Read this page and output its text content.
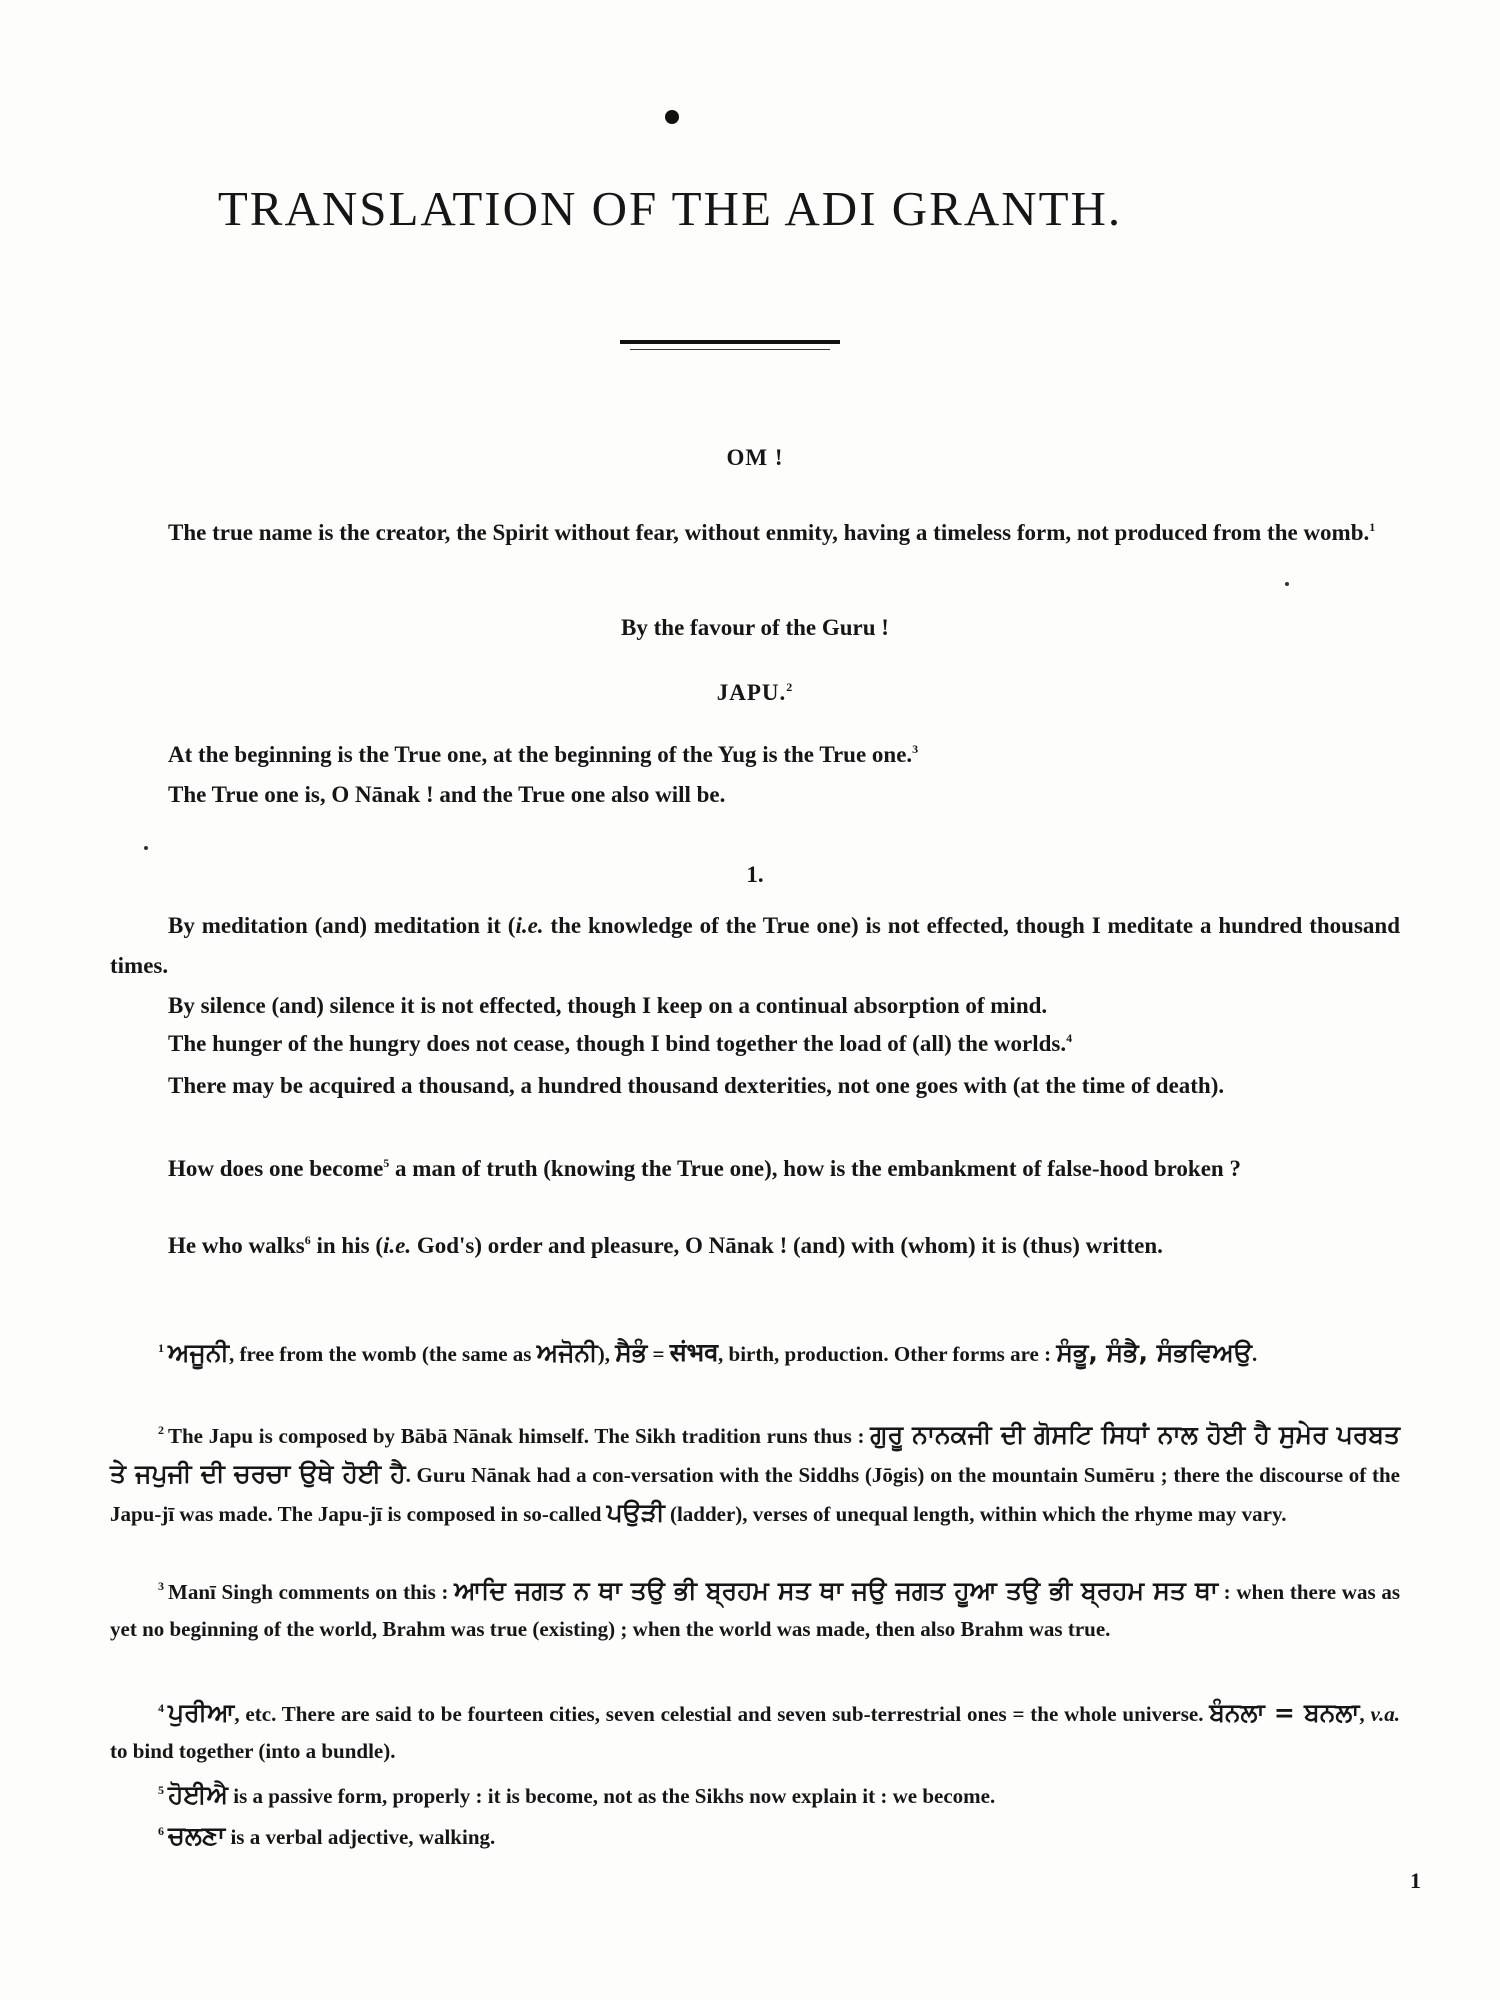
TRANSLATION OF THE ADI GRANTH.
OM !
The true name is the creator, the Spirit without fear, without enmity, having a timeless form, not produced from the womb.$^1$
By the favour of the Guru !
JAPU.$^2$
At the beginning is the True one, at the beginning of the Yug is the True one.$^3$
The True one is, O Nānak ! and the True one also will be.
1.
By meditation (and) meditation it (i.e. the knowledge of the True one) is not effected, though I meditate a hundred thousand times.
By silence (and) silence it is not effected, though I keep on a continual absorption of mind.
The hunger of the hungry does not cease, though I bind together the load of (all) the worlds.$^4$
There may be acquired a thousand, a hundred thousand dexterities, not one goes with (at the time of death).
How does one become$^5$ a man of truth (knowing the True one), how is the embankment of false-hood broken ?
He who walks$^6$ in his (i.e. God's) order and pleasure, O Nānak ! (and) with (whom) it is (thus) written.
$^1$ ਅਜੂਨੀ, free from the womb (the same as ਅਜੋਨੀ), ਸੈਭੰ = संभव, birth, production. Other forms are : ਸੰਭੂ, ਸੰਭੈ, ਸੰਭਵਿਅਉ.
$^2$ The Japu is composed by Bābā Nānak himself. The Sikh tradition runs thus : ਗੁਰੂ ਨਾਨਕਜੀ ਦੀ ਗੋਸਟਿ ਸਿਧਾਂ ਨਾਲ ਹੋਈ ਹੈ ਸੁਮੇਰ ਪਰਬਤ ਤੇ ਜਪੁਜੀ ਦੀ ਚਰਚਾ ਉਥੇ ਹੋਈ ਹੈ. Guru Nānak had a con-versation with the Siddhs (Jōgis) on the mountain Sumēru ; there the discourse of the Japu-jī was made. The Japu-jī is composed in so-called ਪਉੜੀ (ladder), verses of unequal length, within which the rhyme may vary.
$^3$ Manī Singh comments on this : ਆਦਿ ਜਗਤ ਨ ਥਾ ਤਉ ਭੀ ਬ੍ਰਹਮ ਸਤ ਥਾ ਜਉ ਜਗਤ ਹੂਆ ਤਉ ਭੀ ਬ੍ਰਹਮ ਸਤ ਥਾ : when there was as yet no beginning of the world, Brahm was true (existing) ; when the world was made, then also Brahm was true.
$^4$ ਪੁਰੀਆ, etc. There are said to be fourteen cities, seven celestial and seven sub-terrestrial ones = the whole universe. ਬੰਨਲਾ = ਬਨਲਾ, v.a. to bind together (into a bundle).
$^5$ ਹੋਈਐ is a passive form, properly : it is become, not as the Sikhs now explain it : we become.
$^6$ ਚਲਣਾ is a verbal adjective, walking.
1
